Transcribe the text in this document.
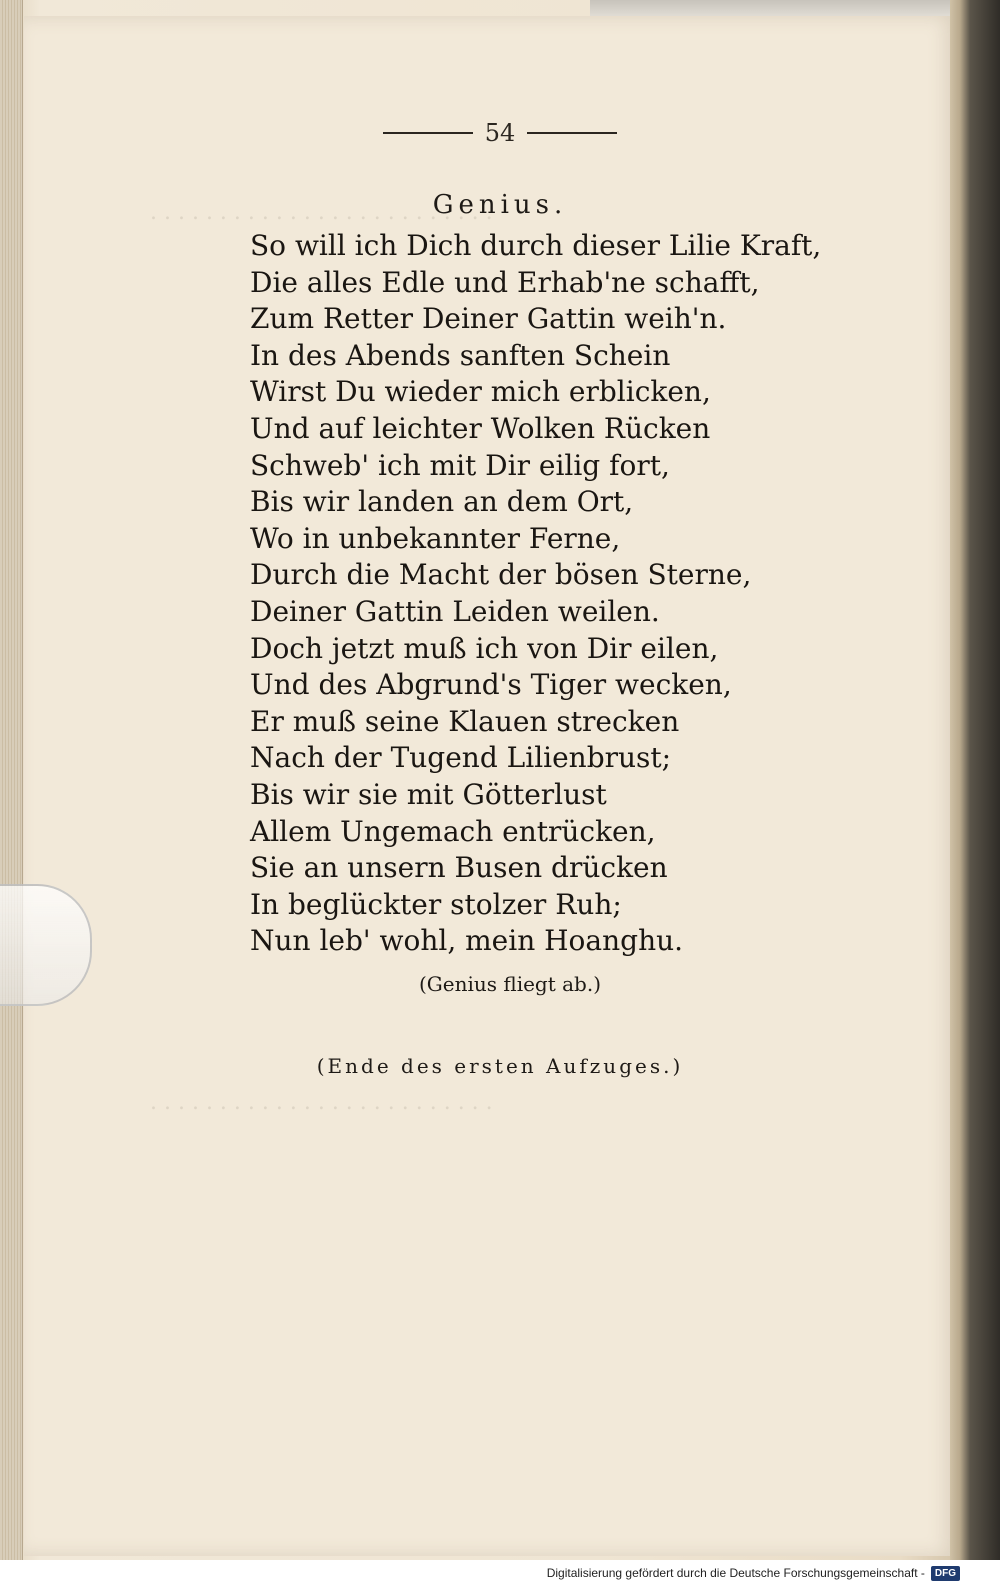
. . . . . . . . . . . . . . . . . . . . . . . . .
. . . . . . . . . . . . . . . . . . . . . . . . .
54
Genius.
So will ich Dich durch dieser Lilie Kraft,
Die alles Edle und Erhab'ne schafft,
Zum Retter Deiner Gattin weih'n.
In des Abends sanften Schein
Wirst Du wieder mich erblicken,
Und auf leichter Wolken Rücken
Schweb' ich mit Dir eilig fort,
Bis wir landen an dem Ort,
Wo in unbekannter Ferne,
Durch die Macht der bösen Sterne,
Deiner Gattin Leiden weilen.
Doch jetzt muß ich von Dir eilen,
Und des Abgrund's Tiger wecken,
Er muß seine Klauen strecken
Nach der Tugend Lilienbrust;
Bis wir sie mit Götterlust
Allem Ungemach entrücken,
Sie an unsern Busen drücken
In beglückter stolzer Ruh;
Nun leb' wohl, mein Hoanghu.
(Genius fliegt ab.)
(Ende des ersten Aufzuges.)
Digitalisierung gefördert durch die Deutsche Forschungsgemeinschaft -	DFG
